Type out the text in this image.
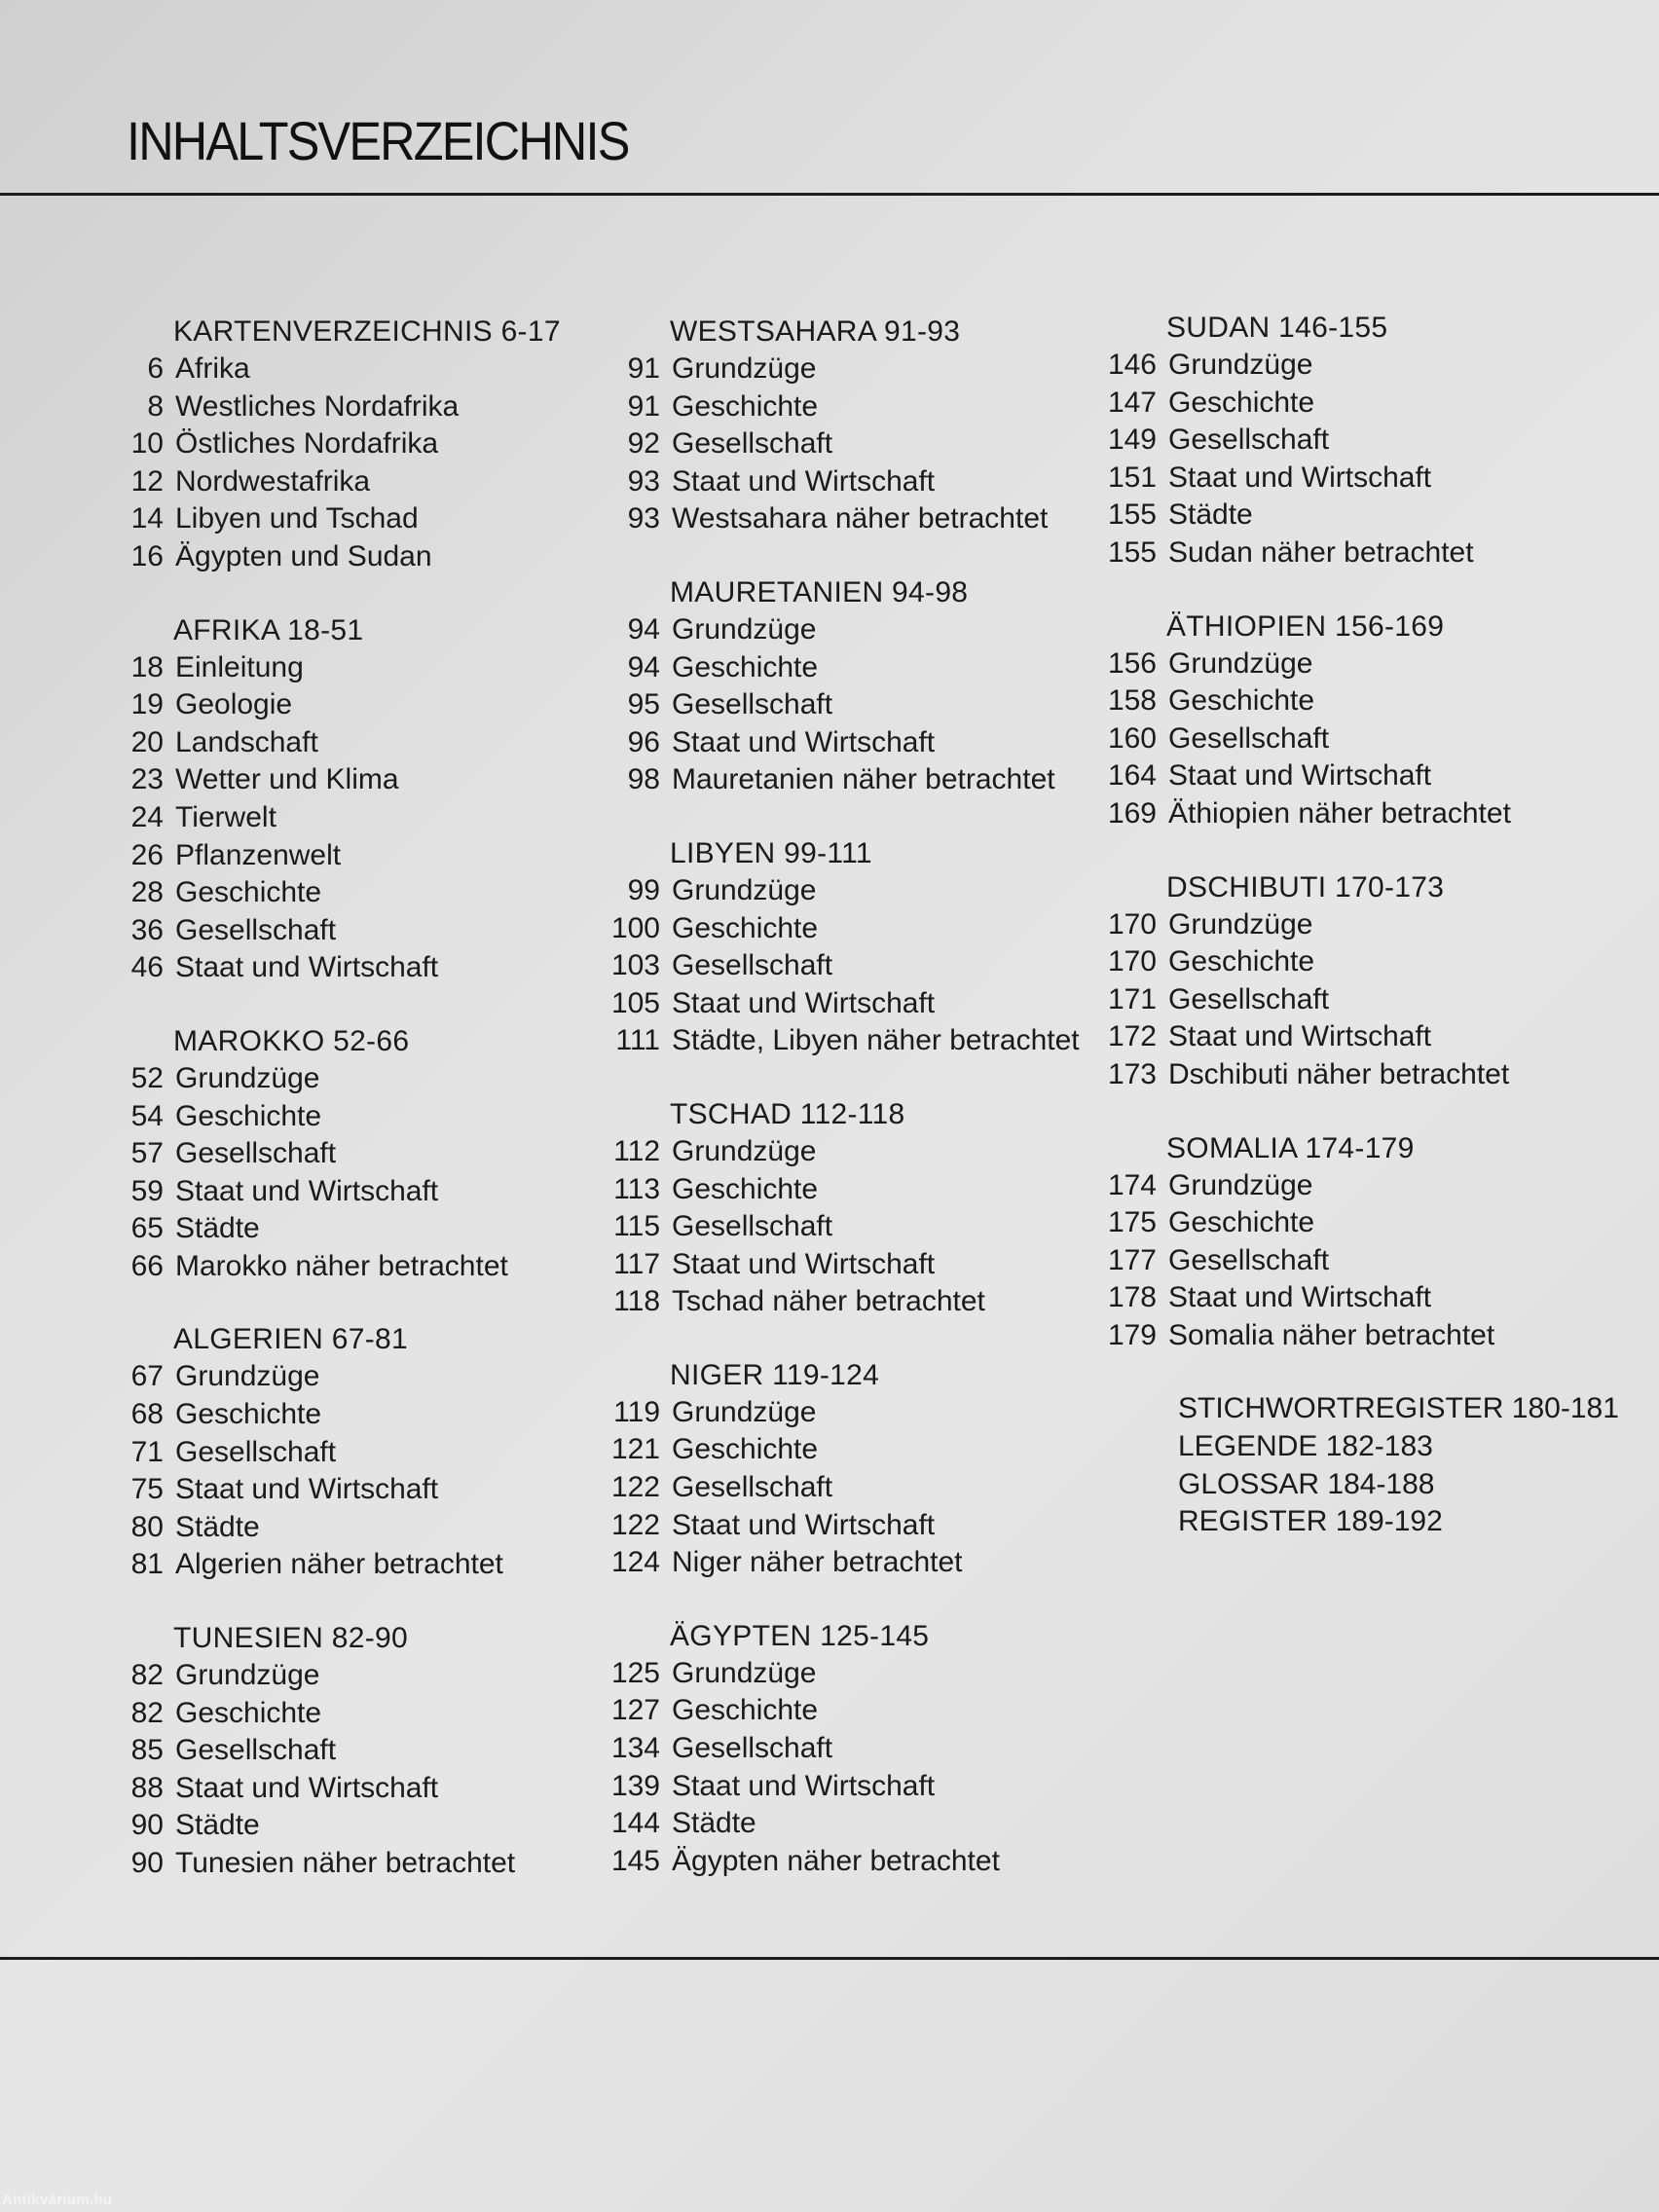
INHALTSVERZEICHNIS
KARTENVERZEICHNIS 6-17
6 Afrika
8 Westliches Nordafrika
10 Östliches Nordafrika
12 Nordwestafrika
14 Libyen und Tschad
16 Ägypten und Sudan
AFRIKA 18-51
18 Einleitung
19 Geologie
20 Landschaft
23 Wetter und Klima
24 Tierwelt
26 Pflanzenwelt
28 Geschichte
36 Gesellschaft
46 Staat und Wirtschaft
MAROKKO 52-66
52 Grundzüge
54 Geschichte
57 Gesellschaft
59 Staat und Wirtschaft
65 Städte
66 Marokko näher betrachtet
ALGERIEN 67-81
67 Grundzüge
68 Geschichte
71 Gesellschaft
75 Staat und Wirtschaft
80 Städte
81 Algerien näher betrachtet
TUNESIEN 82-90
82 Grundzüge
82 Geschichte
85 Gesellschaft
88 Staat und Wirtschaft
90 Städte
90 Tunesien näher betrachtet
WESTSAHARA 91-93
91 Grundzüge
91 Geschichte
92 Gesellschaft
93 Staat und Wirtschaft
93 Westsahara näher betrachtet
MAURETANIEN 94-98
94 Grundzüge
94 Geschichte
95 Gesellschaft
96 Staat und Wirtschaft
98 Mauretanien näher betrachtet
LIBYEN 99-111
99 Grundzüge
100 Geschichte
103 Gesellschaft
105 Staat und Wirtschaft
111 Städte, Libyen näher betrachtet
TSCHAD 112-118
112 Grundzüge
113 Geschichte
115 Gesellschaft
117 Staat und Wirtschaft
118 Tschad näher betrachtet
NIGER 119-124
119 Grundzüge
121 Geschichte
122 Gesellschaft
122 Staat und Wirtschaft
124 Niger näher betrachtet
ÄGYPTEN 125-145
125 Grundzüge
127 Geschichte
134 Gesellschaft
139 Staat und Wirtschaft
144 Städte
145 Ägypten näher betrachtet
SUDAN 146-155
146 Grundzüge
147 Geschichte
149 Gesellschaft
151 Staat und Wirtschaft
155 Städte
155 Sudan näher betrachtet
ÄTHIOPIEN 156-169
156 Grundzüge
158 Geschichte
160 Gesellschaft
164 Staat und Wirtschaft
169 Äthiopien näher betrachtet
DSCHIBUTI 170-173
170 Grundzüge
170 Geschichte
171 Gesellschaft
172 Staat und Wirtschaft
173 Dschibuti näher betrachtet
SOMALIA 174-179
174 Grundzüge
175 Geschichte
177 Gesellschaft
178 Staat und Wirtschaft
179 Somalia näher betrachtet
STICHWORTREGISTER 180-181
LEGENDE 182-183
GLOSSAR 184-188
REGISTER 189-192
Antikvárium.hu
